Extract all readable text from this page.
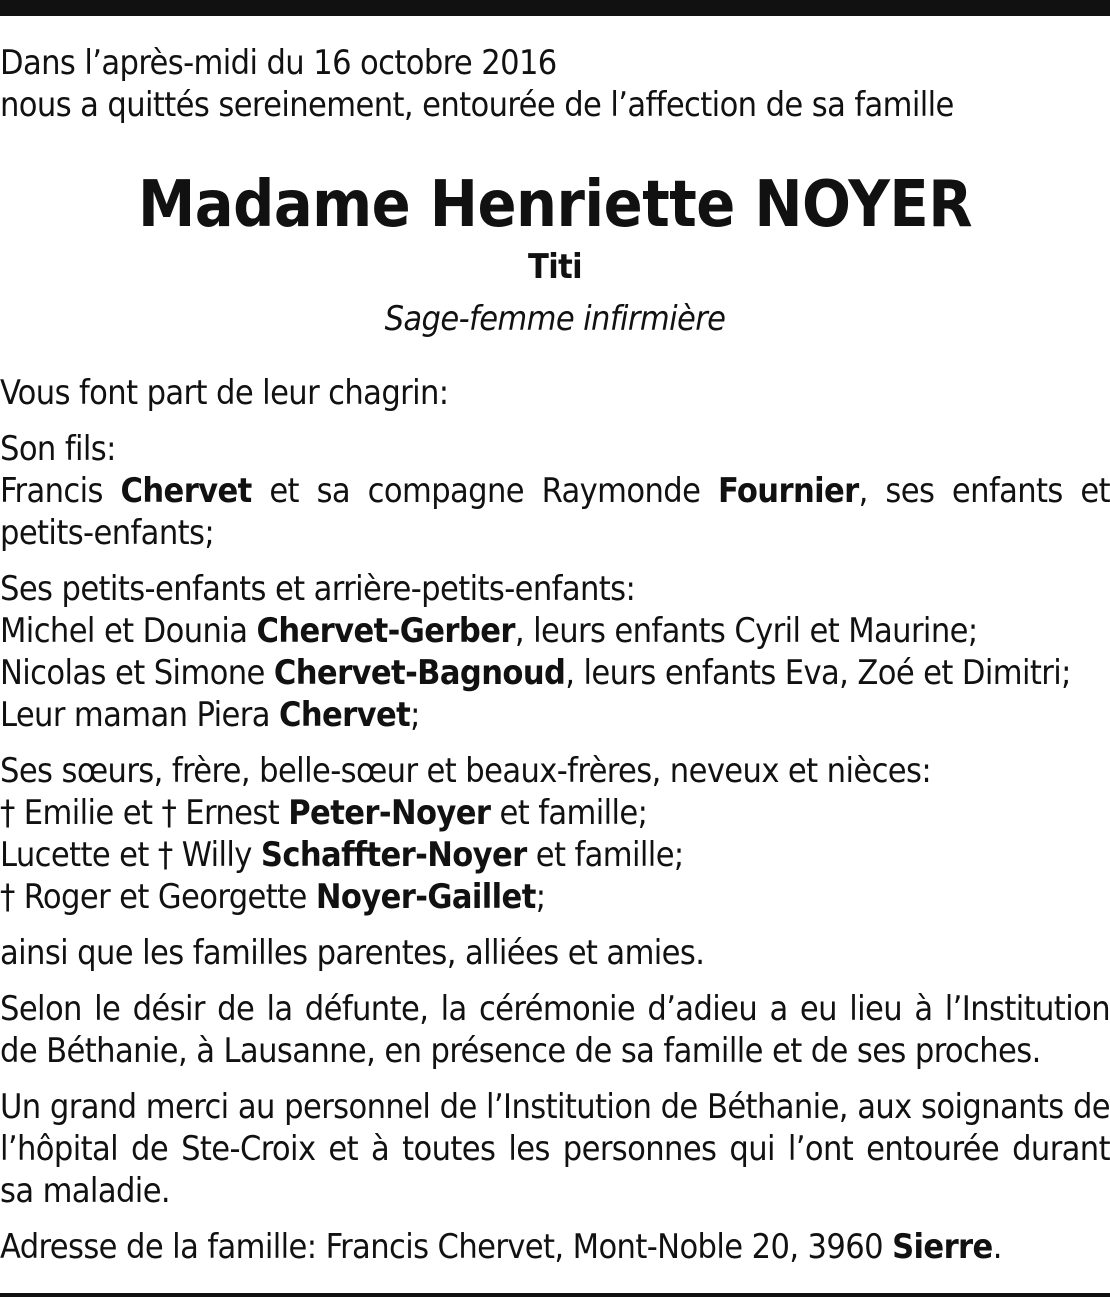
Dans l’après-midi du 16 octobre 2016

nous a quittés sereinement, entourée de l’affection de sa famille

Madame Henriette NOYER

Titi

Sage-femme infirmière

Vous font part de leur chagrin:

Son fils:

Francis Chervet et sa compagne Raymonde Fournier, ses enfants et petits-enfants;

Ses petits-enfants et arrière-petits-enfants:

Michel et Dounia Chervet-Gerber, leurs enfants Cyril et Maurine;

Nicolas et Simone Chervet-Bagnoud, leurs enfants Eva, Zoé et Dimitri;

Leur maman Piera Chervet;

Ses sœurs, frère, belle-sœur et beaux-frères, neveux et nièces:

† Emilie et † Ernest Peter-Noyer et famille;

Lucette et † Willy Schaffter-Noyer et famille;

† Roger et Georgette Noyer-Gaillet;

ainsi que les familles parentes, alliées et amies.

Selon le désir de la défunte, la cérémonie d’adieu a eu lieu à l’Institution de Béthanie, à Lausanne, en présence de sa famille et de ses proches.

Un grand merci au personnel de l’Institution de Béthanie, aux soignants de l’hôpital de Ste-Croix et à toutes les personnes qui l’ont entourée durant sa maladie.

Adresse de la famille: Francis Chervet, Mont-Noble 20, 3960 Sierre.
